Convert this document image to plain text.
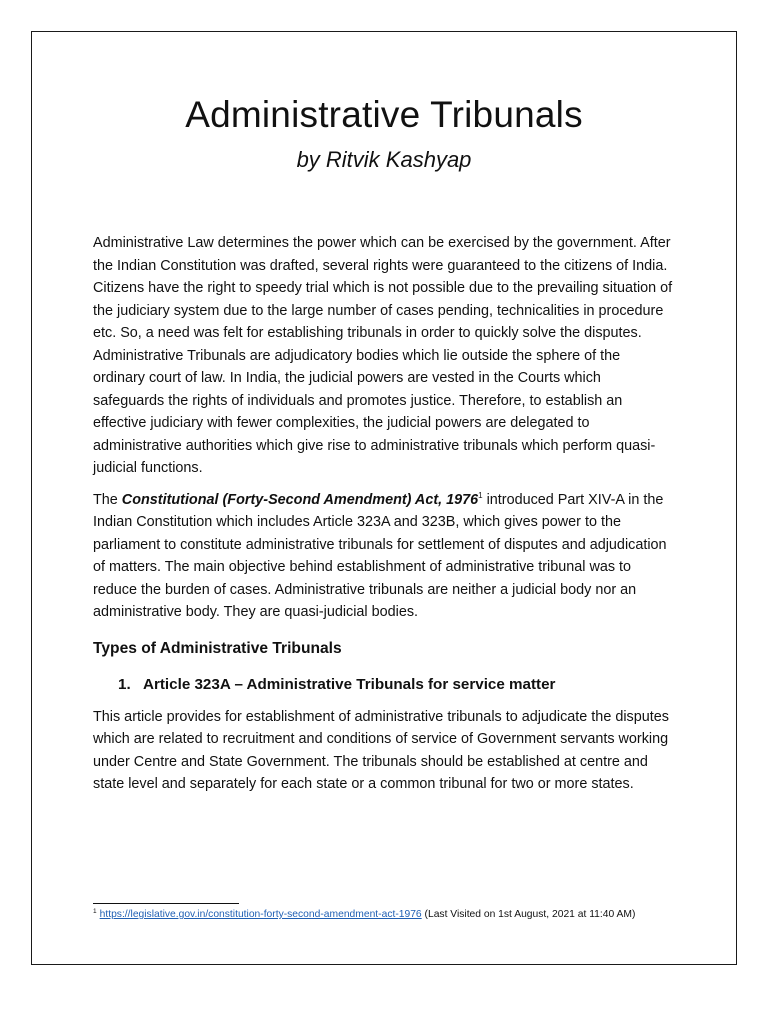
Administrative Tribunals
by Ritvik Kashyap

Administrative Law determines the power which can be exercised by the government. After the Indian Constitution was drafted, several rights were guaranteed to the citizens of India. Citizens have the right to speedy trial which is not possible due to the prevailing situation of the judiciary system due to the large number of cases pending, technicalities in procedure etc. So, a need was felt for establishing tribunals in order to quickly solve the disputes. Administrative Tribunals are adjudicatory bodies which lie outside the sphere of the ordinary court of law. In India, the judicial powers are vested in the Courts which safeguards the rights of individuals and promotes justice. Therefore, to establish an effective judiciary with fewer complexities, the judicial powers are delegated to administrative authorities which give rise to administrative tribunals which perform quasi-judicial functions.

The Constitutional (Forty-Second Amendment) Act, 1976$^1$ introduced Part XIV-A in the Indian Constitution which includes Article 323A and 323B, which gives power to the parliament to constitute administrative tribunals for settlement of disputes and adjudication of matters. The main objective behind establishment of administrative tribunal was to reduce the burden of cases. Administrative tribunals are neither a judicial body nor an administrative body. They are quasi-judicial bodies.

Types of Administrative Tribunals
1. Article 323A – Administrative Tribunals for service matter

This article provides for establishment of administrative tribunals to adjudicate the disputes which are related to recruitment and conditions of service of Government servants working under Centre and State Government. The tribunals should be established at centre and state level and separately for each state or a common tribunal for two or more states.

$^1$ https://legislative.gov.in/constitution-forty-second-amendment-act-1976 (Last Visited on 1st August, 2021 at 11:40 AM)
